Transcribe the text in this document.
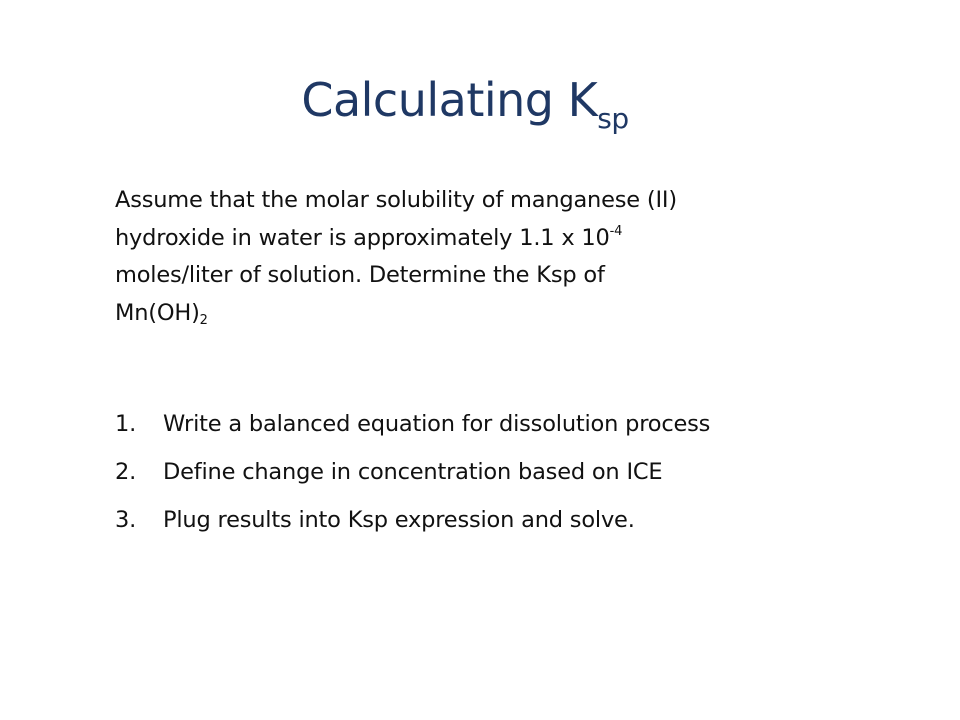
Calculating $K_{sp}$
Assume that the molar solubility of manganese (II)
hydroxide in water is approximately 1.1 x $10^{-4}$
moles/liter of solution. Determine the Ksp of
$Mn(OH)_2$
1.	Write a balanced equation for dissolution process
2.	Define change in concentration based on ICE
3.	Plug results into Ksp expression and solve.
